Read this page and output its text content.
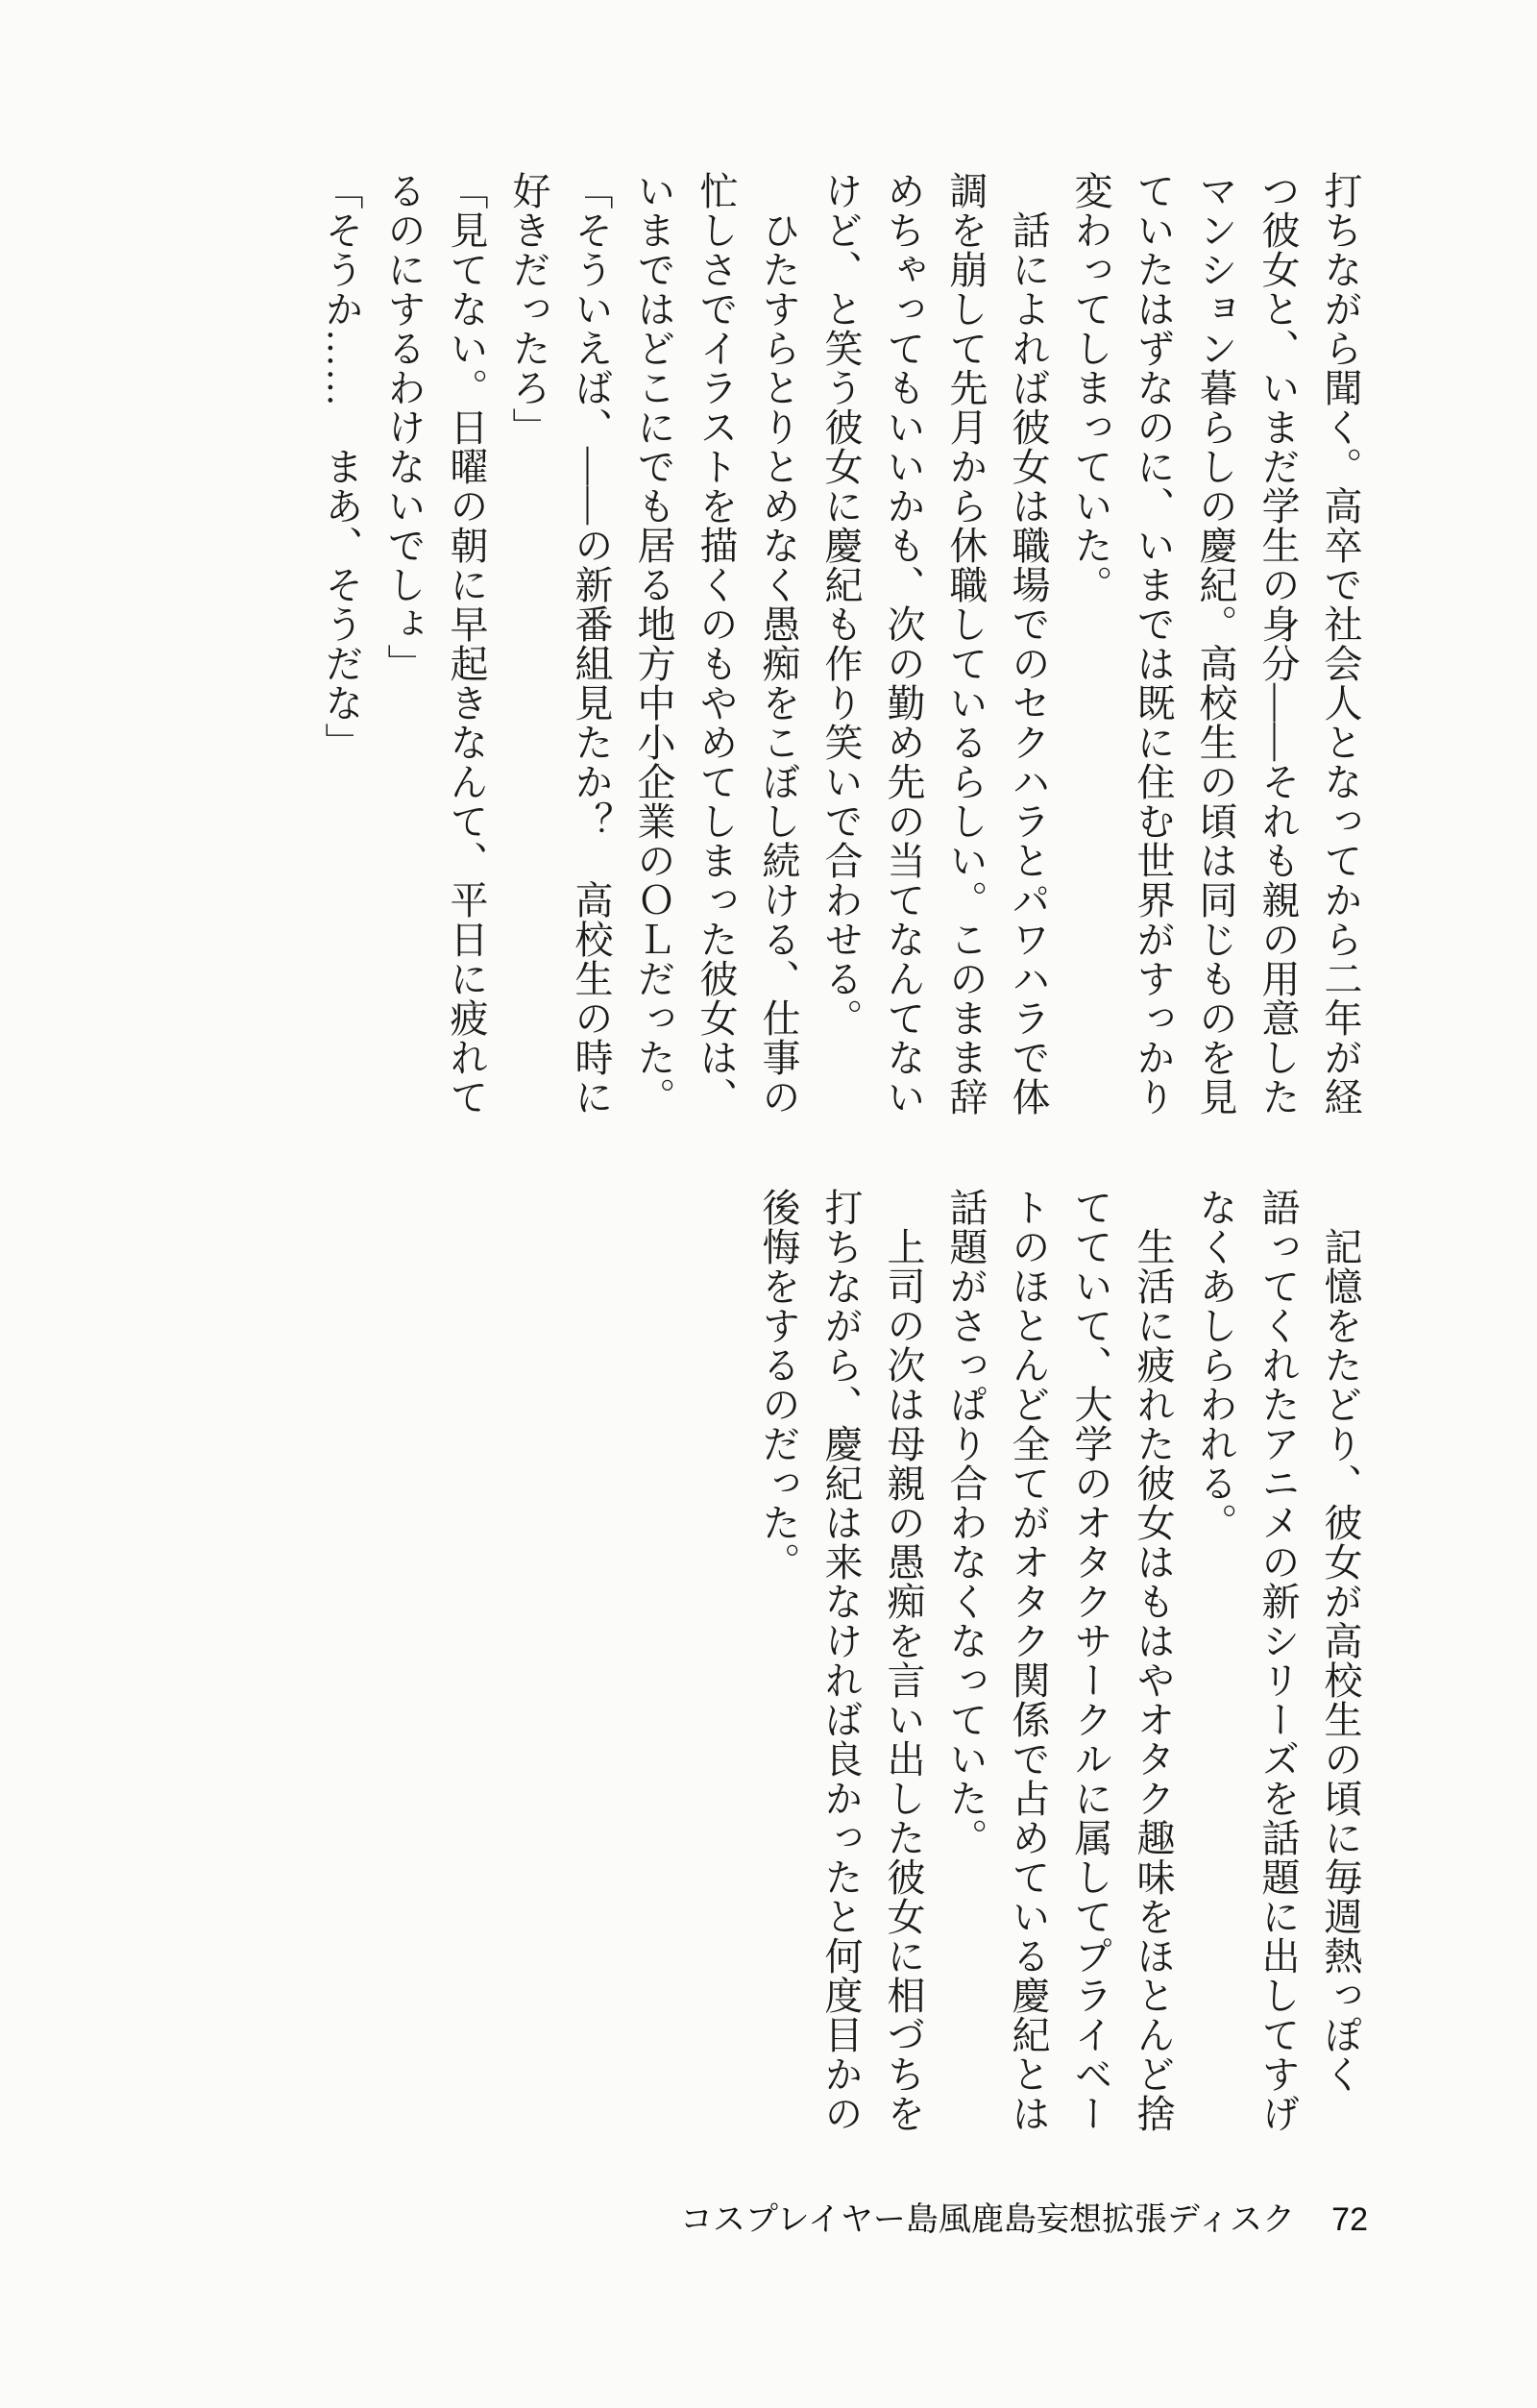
打ちながら聞く。高卒で社会人となってから二年が経
つ彼女と、いまだ学生の身分――それも親の用意した
マンション暮らしの慶紀。高校生の頃は同じものを見
ていたはずなのに、いまでは既に住む世界がすっかり
変わってしまっていた。
　話によれば彼女は職場でのセクハラとパワハラで体
調を崩して先月から休職しているらしい。このまま辞
めちゃってもいいかも、次の勤め先の当てなんてない
けど、と笑う彼女に慶紀も作り笑いで合わせる。
　ひたすらとりとめなく愚痴をこぼし続ける、仕事の
忙しさでイラストを描くのもやめてしまった彼女は、
いまではどこにでも居る地方中小企業のＯＬだった。
「そういえば、――の新番組見たか？　高校生の時に
好きだったろ」
「見てない。日曜の朝に早起きなんて、平日に疲れて
るのにするわけないでしょ」
「そうか……　まあ、そうだな」
　記憶をたどり、彼女が高校生の頃に毎週熱っぽく
語ってくれたアニメの新シリーズを話題に出してすげ
なくあしらわれる。
　生活に疲れた彼女はもはやオタク趣味をほとんど捨
てていて、大学のオタクサークルに属してプライベー
トのほとんど全てがオタク関係で占めている慶紀とは
話題がさっぱり合わなくなっていた。
　上司の次は母親の愚痴を言い出した彼女に相づちを
打ちながら、慶紀は来なければ良かったと何度目かの
後悔をするのだった。
コスプレイヤー島風鹿島妄想拡張ディスク 72
